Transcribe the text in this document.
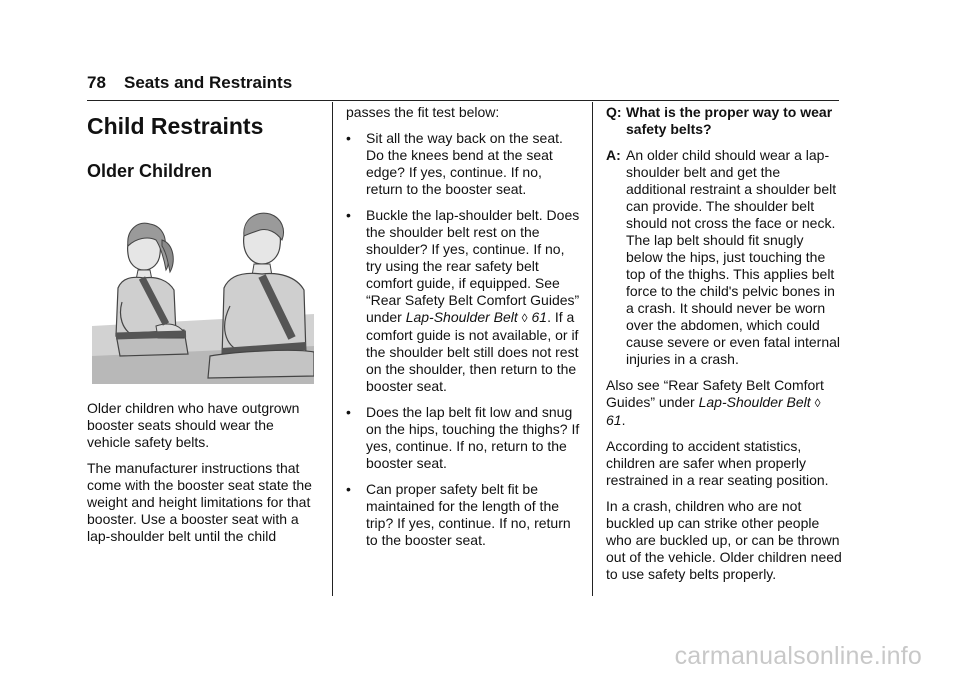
78 Seats and Restraints
Child Restraints
Older Children

Older children who have outgrown booster seats should wear the vehicle safety belts.

The manufacturer instructions that come with the booster seat state the weight and height limitations for that booster. Use a booster seat with a lap-shoulder belt until the child

passes the fit test below:

•	Sit all the way back on the seat. Do the knees bend at the seat edge? If yes, continue. If no, return to the booster seat.
•	Buckle the lap-shoulder belt. Does the shoulder belt rest on the shoulder? If yes, continue. If no, try using the rear safety belt comfort guide, if equipped. See “Rear Safety Belt Comfort Guides” under Lap-Shoulder Belt ◊ 61. If a comfort guide is not available, or if the shoulder belt still does not rest on the shoulder, then return to the booster seat.
•	Does the lap belt fit low and snug on the hips, touching the thighs? If yes, continue. If no, return to the booster seat.
•	Can proper safety belt fit be maintained for the length of the trip? If yes, continue. If no, return to the booster seat.
Q: What is the proper way to wear safety belts?
A: An older child should wear a lap-shoulder belt and get the additional restraint a shoulder belt can provide. The shoulder belt should not cross the face or neck. The lap belt should fit snugly below the hips, just touching the top of the thighs. This applies belt force to the child's pelvic bones in a crash. It should never be worn over the abdomen, which could cause severe or even fatal internal injuries in a crash.

Also see “Rear Safety Belt Comfort Guides” under Lap-Shoulder Belt ◊ 61.

According to accident statistics, children are safer when properly restrained in a rear seating position.

In a crash, children who are not buckled up can strike other people who are buckled up, or can be thrown out of the vehicle. Older children need to use safety belts properly.

carmanualsonline.info
